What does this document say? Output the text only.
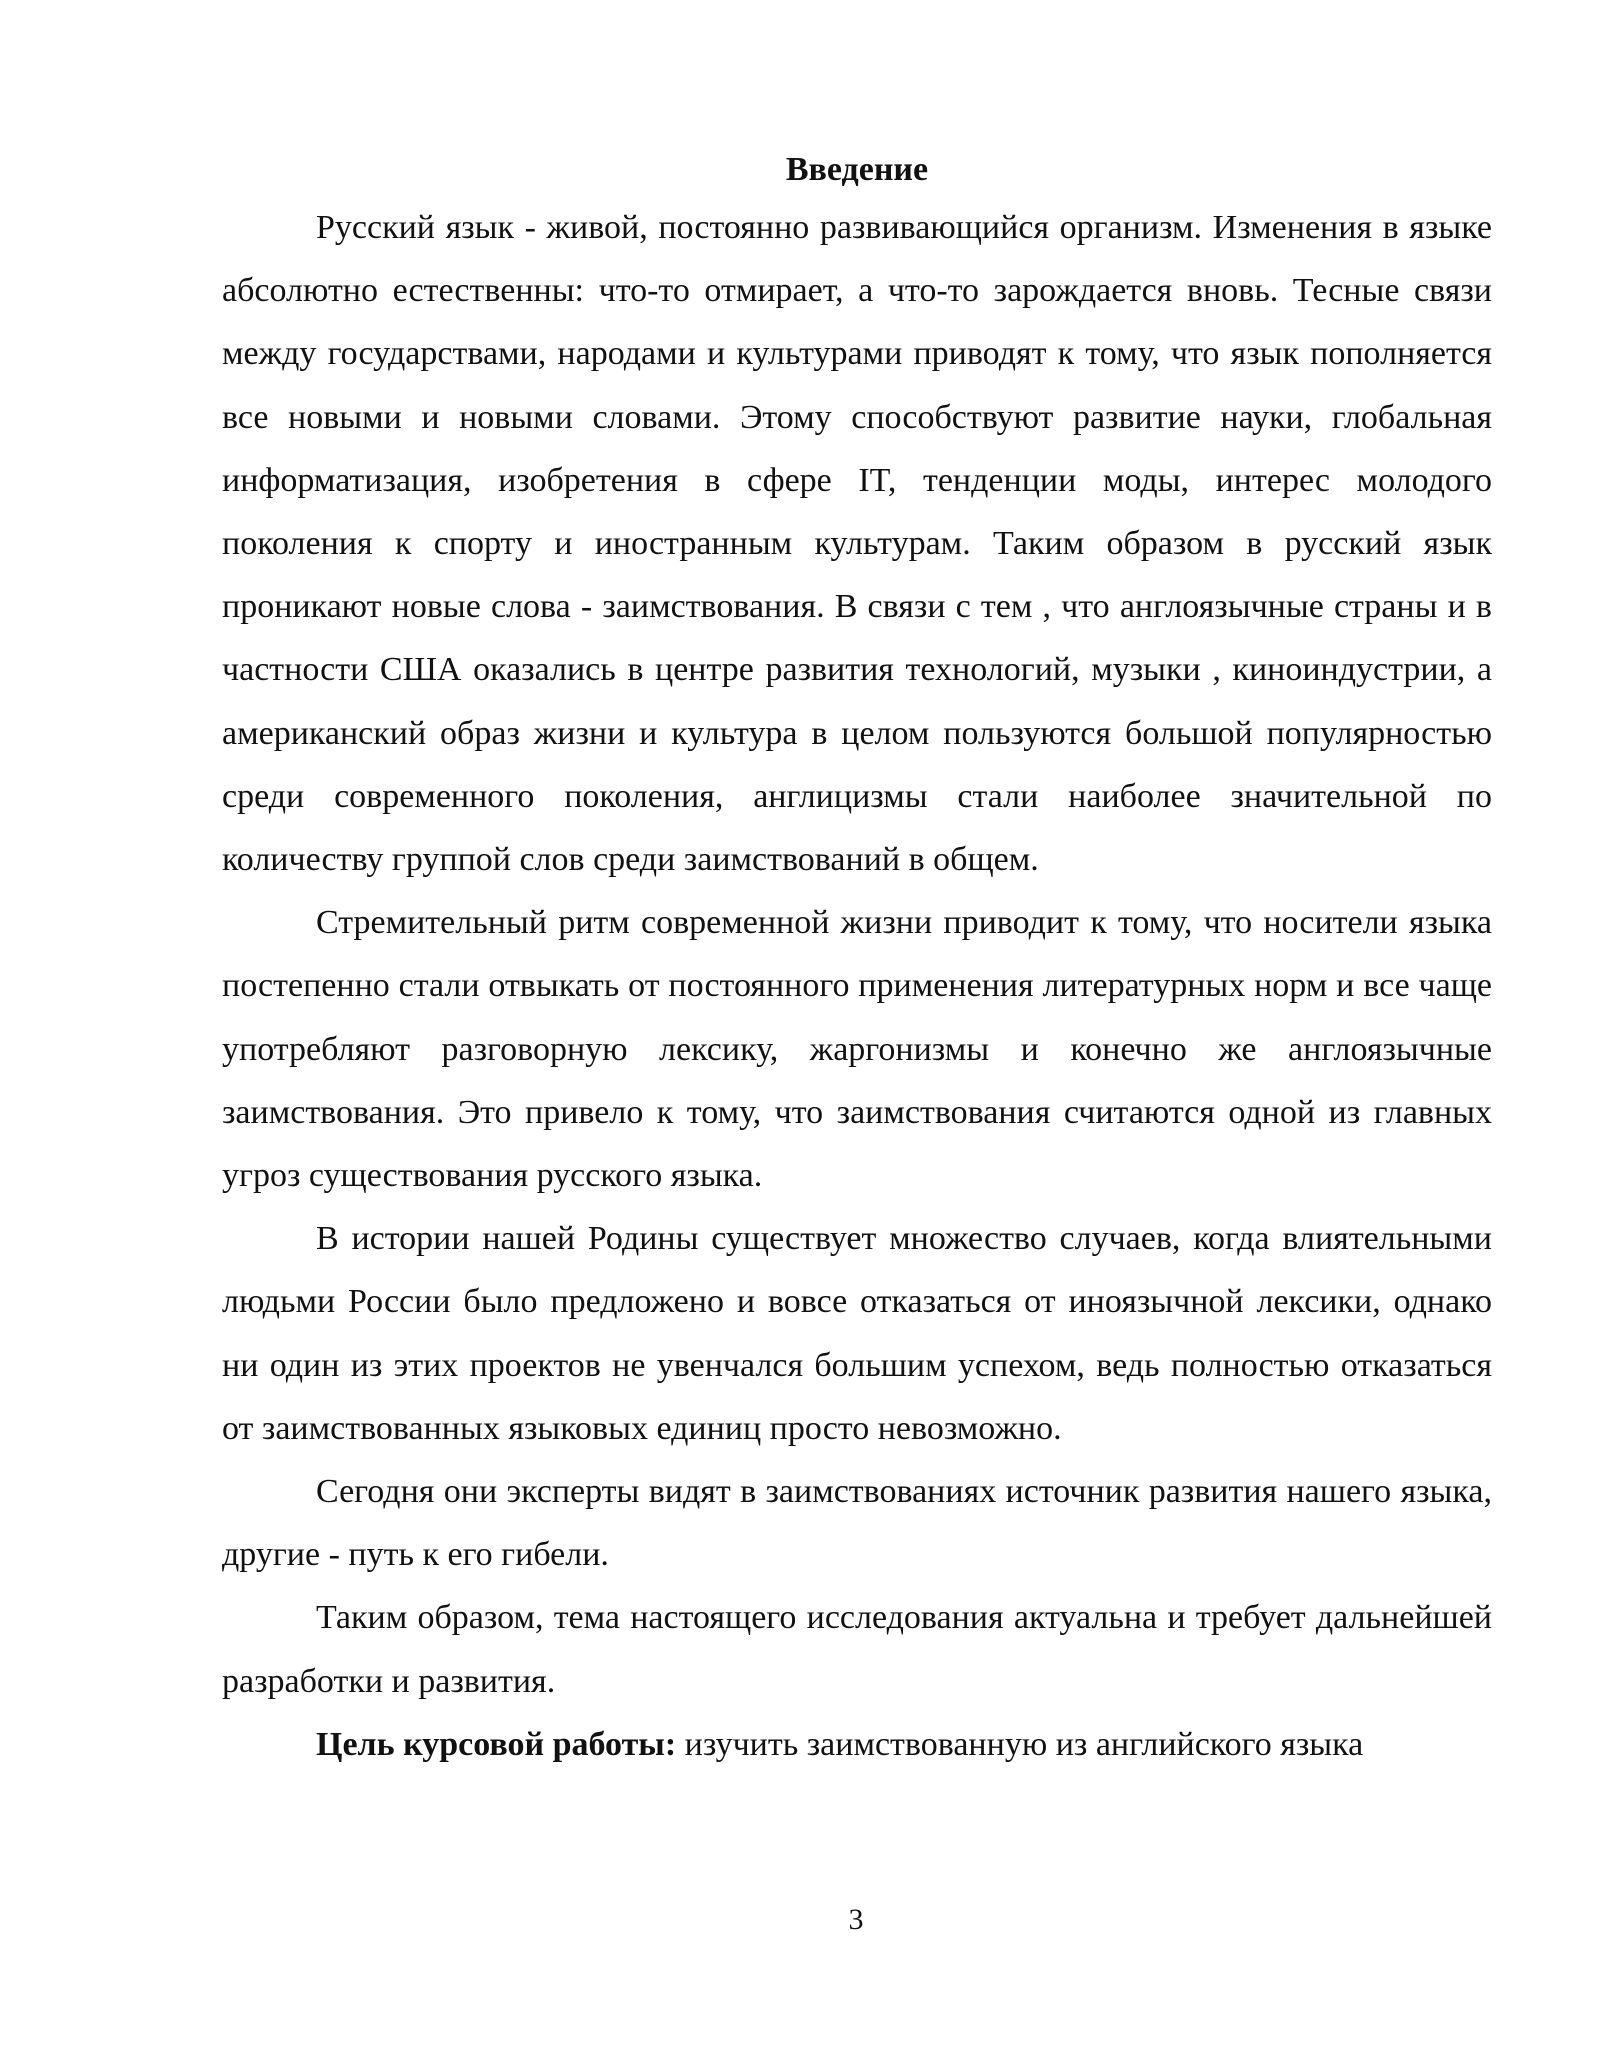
Введение

Русский язык - живой, постоянно развивающийся организм. Изменения в языке абсолютно естественны: что-то отмирает, а что-то зарождается вновь. Тесные связи между государствами, народами и культурами приводят к тому, что язык пополняется все новыми и новыми словами. Этому способствуют развитие науки, глобальная информатизация, изобретения в сфере IT, тенденции моды, интерес молодого поколения к спорту и иностранным культурам. Таким образом в русский язык проникают новые слова - заимствования. В связи с тем , что англоязычные страны и в частности США оказались в центре развития технологий, музыки , киноиндустрии, а американский образ жизни и культура в целом пользуются большой популярностью среди современного поколения, англицизмы стали наиболее значительной по количеству группой слов среди заимствований в общем.

Стремительный ритм современной жизни приводит к тому, что носители языка постепенно стали отвыкать от постоянного применения литературных норм и все чаще употребляют разговорную лексику, жаргонизмы и конечно же англоязычные заимствования. Это привело к тому, что заимствования считаются одной из главных угроз существования русского языка.

В истории нашей Родины существует множество случаев, когда влиятельными людьми России было предложено и вовсе отказаться от иноязычной лексики, однако ни один из этих проектов не увенчался большим успехом, ведь полностью отказаться от заимствованных языковых единиц просто невозможно.

Сегодня они эксперты видят в заимствованиях источник развития нашего языка, другие - путь к его гибели.

Таким образом, тема настоящего исследования актуальна и требует дальнейшей разработки и развития.

Цель курсовой работы: изучить заимствованную из английского языка

3
